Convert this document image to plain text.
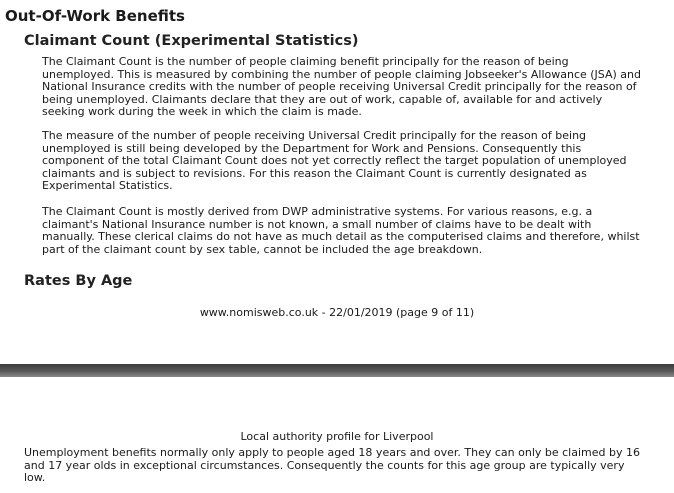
Out-Of-Work Benefits
Claimant Count (Experimental Statistics)

The Claimant Count is the number of people claiming benefit principally for the reason of being unemployed. This is measured by combining the number of people claiming Jobseeker's Allowance (JSA) and National Insurance credits with the number of people receiving Universal Credit principally for the reason of being unemployed. Claimants declare that they are out of work, capable of, available for and actively seeking work during the week in which the claim is made.

The measure of the number of people receiving Universal Credit principally for the reason of being unemployed is still being developed by the Department for Work and Pensions. Consequently this component of the total Claimant Count does not yet correctly reflect the target population of unemployed claimants and is subject to revisions. For this reason the Claimant Count is currently designated as Experimental Statistics.

The Claimant Count is mostly derived from DWP administrative systems. For various reasons, e.g. a claimant's National Insurance number is not known, a small number of claims have to be dealt with manually. These clerical claims do not have as much detail as the computerised claims and therefore, whilst part of the claimant count by sex table, cannot be included the age breakdown.

Rates By Age
www.nomisweb.co.uk - 22/01/2019 (page 9 of 11)
Local authority profile for Liverpool

Unemployment benefits normally only apply to people aged 18 years and over. They can only be claimed by 16 and 17 year olds in exceptional circumstances. Consequently the counts for this age group are typically very low.
